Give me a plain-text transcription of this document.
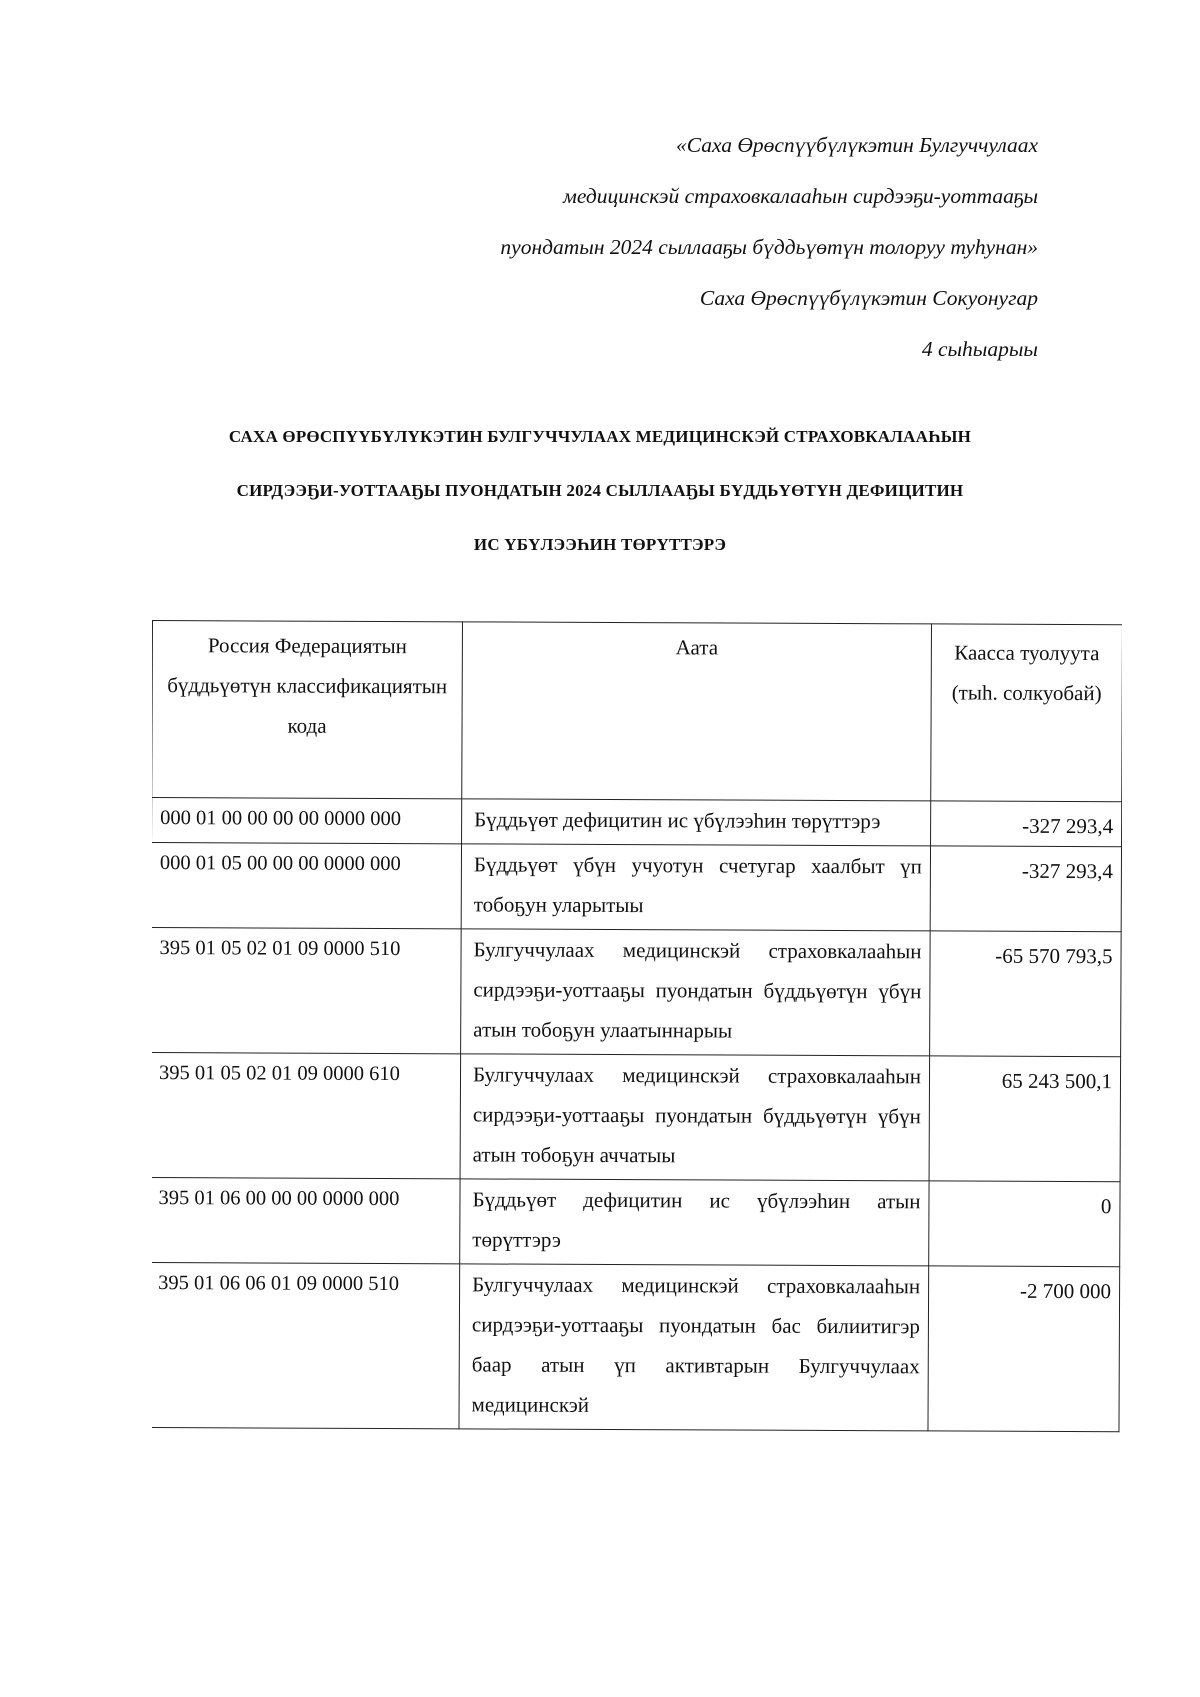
«Саха Өрөспүүбүлүкэтин Булгуччулаах
медицинскэй страховкалааһын сирдээҕи-уоттааҕы
пуондатын 2024 сыллааҕы бүддьүөтүн толоруу туһунан»
Саха Өрөспүүбүлүкэтин Сокуонугар
4 сыһыарыы
САХА ӨРӨСПҮҮБҮЛҮКЭТИН БУЛГУЧЧУЛААХ МЕДИЦИНСКЭЙ СТРАХОВКАЛААҺЫН
СИРДЭЭҔИ-УОТТААҔЫ ПУОНДАТЫН 2024 СЫЛЛААҔЫ БҮДДЬҮӨТҮН ДЕФИЦИТИН
ИС ҮБҮЛЭЭҺИН ТӨРҮТТЭРЭ
Россия Федерациятын бүддьүөтүн классификациятын кода	Аата	Каасса туолуута (тыһ. солкуобай)
000 01 00 00 00 00 0000 000	Бүддьүөт дефицитин ис үбүлээһин төрүттэрэ	-327 293,4
000 01 05 00 00 00 0000 000	Бүддьүөт үбүн учуотун счетугар хаалбыт үп тобоҕун уларытыы	-327 293,4
395 01 05 02 01 09 0000 510	Булгуччулаах медицинскэй страховкалааһын сирдээҕи-уоттааҕы пуондатын бүддьүөтүн үбүн атын тобоҕун улаатыннарыы	-65 570 793,5
395 01 05 02 01 09 0000 610	Булгуччулаах медицинскэй страховкалааһын сирдээҕи-уоттааҕы пуондатын бүддьүөтүн үбүн атын тобоҕун аччатыы	65 243 500,1
395 01 06 00 00 00 0000 000	Бүддьүөт дефицитин ис үбүлээһин атын төрүттэрэ	0
395 01 06 06 01 09 0000 510	Булгуччулаах медицинскэй страховкалааһын сирдээҕи-уоттааҕы пуондатын бас билиитигэр баар атын үп активтарын Булгуччулаах медицинскэй	-2 700 000
